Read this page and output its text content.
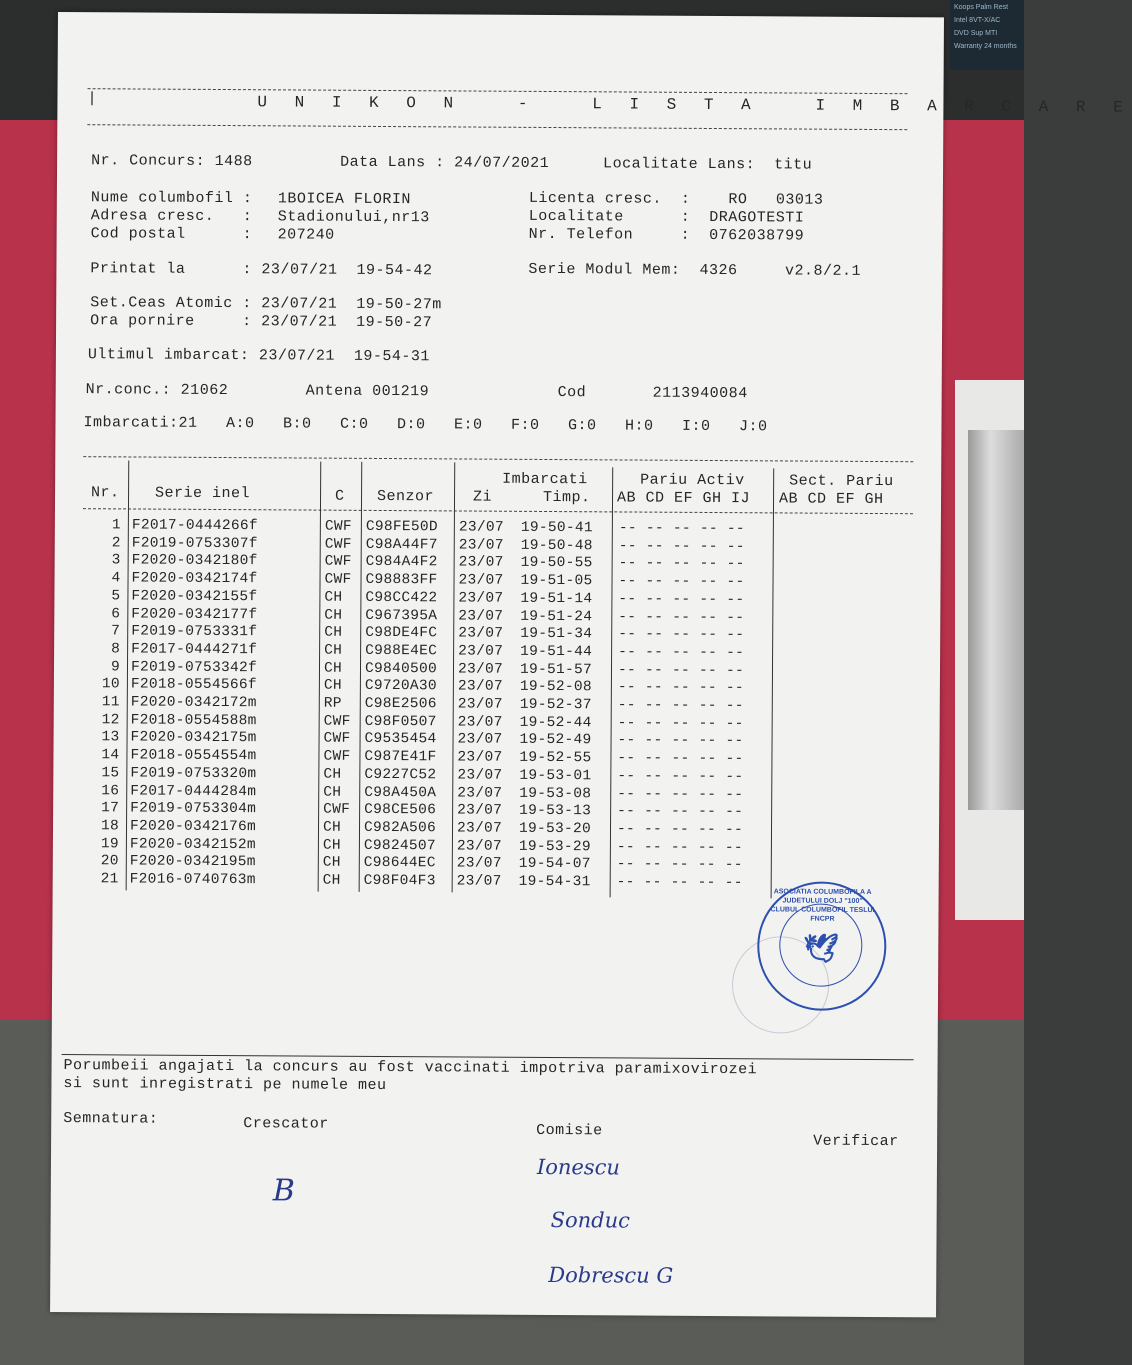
Koops Palm Rest
Intel 8VT-X/AC
DVD Sup MTI
Warranty 24 months
|	U N I K O N   -   L I S T A   I M B A R C A R E
Nr. Concurs: 1488	Data Lans : 24/07/2021	Localitate Lans:  titu
Nume columbofil : 1BOICEA FLORIN
Adresa cresc.   : Stadionului,nr13
Cod postal      : 207240
Licenta cresc.  :    RO   03013
Localitate      :  DRAGOTESTI
Nr. Telefon     :  0762038799
Printat la      : 23/07/21  19-54-42	Serie Modul Mem:  4326     v2.8/2.1
Set.Ceas Atomic : 23/07/21  19-50-27m
Ora pornire     : 23/07/21  19-50-27
Ultimul imbarcat: 23/07/21  19-54-31
Nr.conc.: 21062	Antena 001219	Cod       2113940084
Imbarcati:21   A:0   B:0   C:0   D:0   E:0   F:0   G:0   H:0   I:0   J:0
Nr. Serie inel	C Senzor
Imbarcati
Zi	Timp.
Pariu Activ
AB CD EF GH IJ
Sect. Pariu
AB CD EF GH
1 F2017-0444266f	CWF C98FE50D 23/07 19-50-41 -- -- -- -- --
2 F2019-0753307f	CWF C98A44F7 23/07 19-50-48 -- -- -- -- --
3 F2020-0342180f	CWF C984A4F2 23/07 19-50-55 -- -- -- -- --
4 F2020-0342174f	CWF C98883FF 23/07 19-51-05 -- -- -- -- --
5 F2020-0342155f	CH C98CC422 23/07 19-51-14 -- -- -- -- --
6 F2020-0342177f	CH C967395A 23/07 19-51-24 -- -- -- -- --
7 F2019-0753331f	CH C98DE4FC 23/07 19-51-34 -- -- -- -- --
8 F2017-0444271f	CH C988E4EC 23/07 19-51-44 -- -- -- -- --
9 F2019-0753342f	CH C9840500 23/07 19-51-57 -- -- -- -- --
10 F2018-0554566f	CH C9720A30 23/07 19-52-08 -- -- -- -- --
11 F2020-0342172m	RP C98E2506 23/07 19-52-37 -- -- -- -- --
12 F2018-0554588m	CWF C98F0507 23/07 19-52-44 -- -- -- -- --
13 F2020-0342175m	CWF C9535454 23/07 19-52-49 -- -- -- -- --
14 F2018-0554554m	CWF C987E41F 23/07 19-52-55 -- -- -- -- --
15 F2019-0753320m	CH C9227C52 23/07 19-53-01 -- -- -- -- --
16 F2017-0444284m	CH C98A450A 23/07 19-53-08 -- -- -- -- --
17 F2019-0753304m	CWF C98CE506 23/07 19-53-13 -- -- -- -- --
18 F2020-0342176m	CH C982A506 23/07 19-53-20 -- -- -- -- --
19 F2020-0342152m	CH C9824507 23/07 19-53-29 -- -- -- -- --
20 F2020-0342195m	CH C98644EC 23/07 19-54-07 -- -- -- -- --
21 F2016-0740763m	CH C98F04F3 23/07 19-54-31 -- -- -- -- --
ASOCIATIA COLUMBOFILA A JUDETULUI DOLJ "100" CLUBUL COLUMBOFIL TESLUI FNCPR
🕊
Porumbeii angajati la concurs au fost vaccinati impotriva paramixovirozei
si sunt inregistrati pe numele meu
Semnatura:	Crescator	Comisie
Verificar
B
Ionescu
Sonduc
Dobrescu G
